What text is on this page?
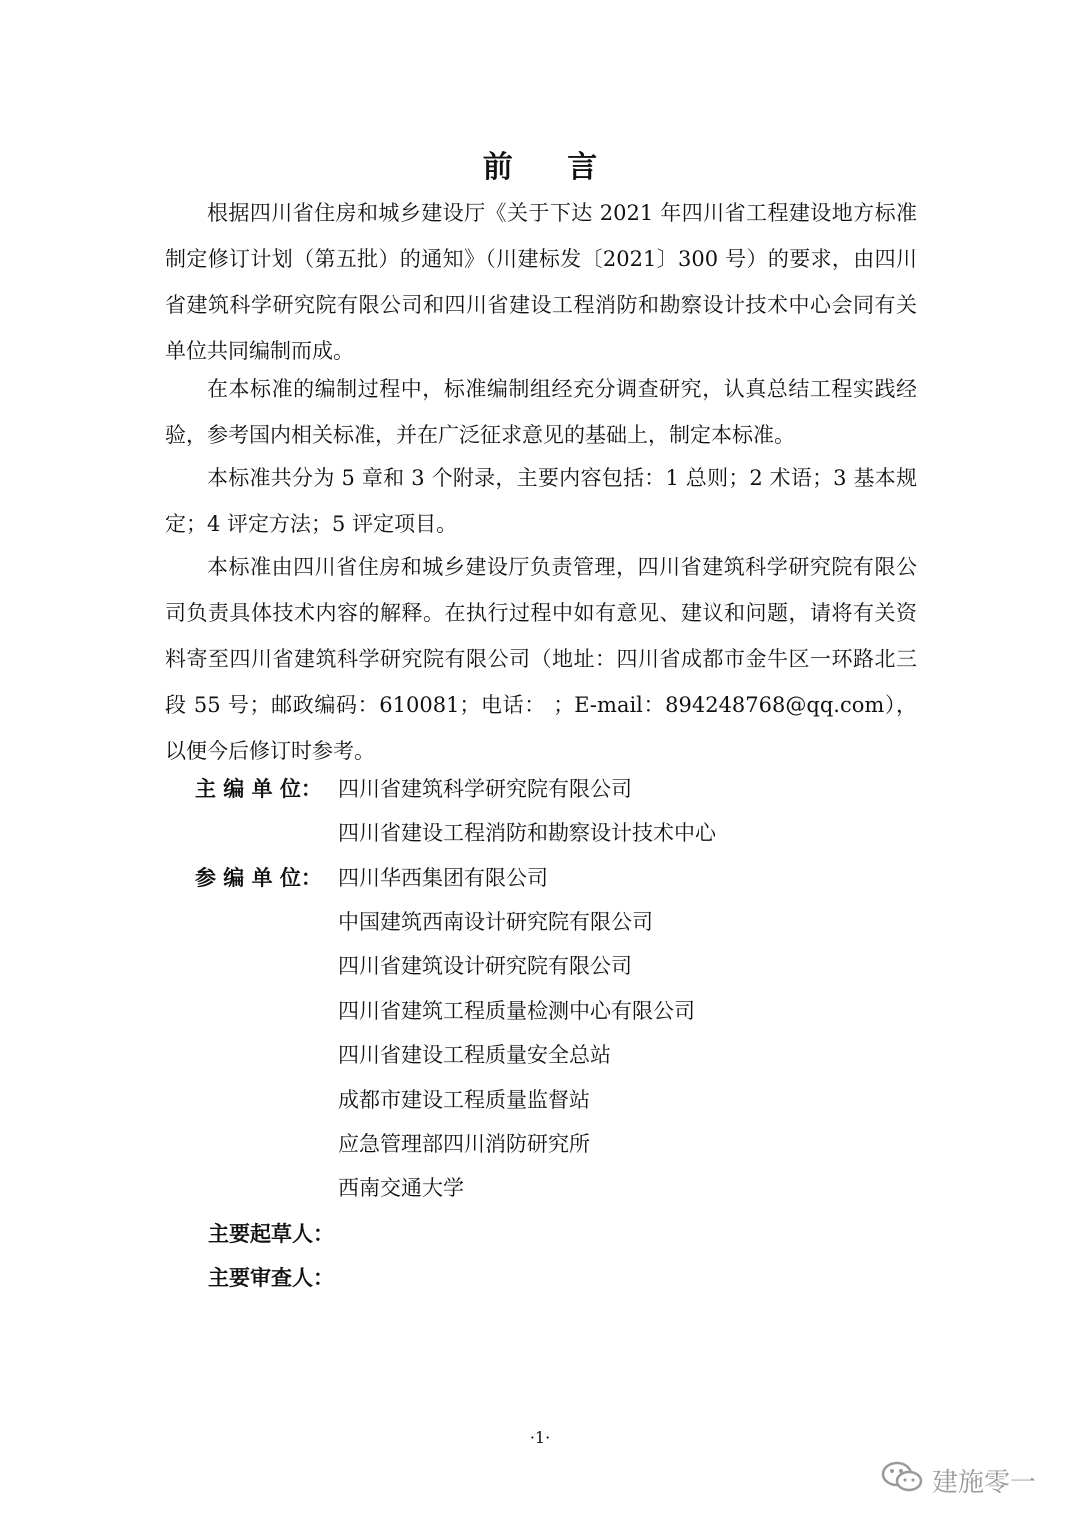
前 言

根据四川省住房和城乡建设厅《关于下达 2021 年四川省工程建设地方标准制定修订计划（第五批）的通知》（川建标发〔2021〕300 号）的要求，由四川省建筑科学研究院有限公司和四川省建设工程消防和勘察设计技术中心会同有关单位共同编制而成。

在本标准的编制过程中，标准编制组经充分调查研究，认真总结工程实践经验，参考国内相关标准，并在广泛征求意见的基础上，制定本标准。

本标准共分为 5 章和 3 个附录，主要内容包括：1 总则；2 术语；3 基本规定；4 评定方法；5 评定项目。

本标准由四川省住房和城乡建设厅负责管理，四川省建筑科学研究院有限公司负责具体技术内容的解释。在执行过程中如有意见、建议和问题，请将有关资料寄至四川省建筑科学研究院有限公司（地址：四川省成都市金牛区一环路北三段 55 号；邮政编码：610081；电话： ；E-mail：894248768@qq.com），以便今后修订时参考。

主 编 单 位： 四川省建筑科学研究院有限公司
四川省建设工程消防和勘察设计技术中心
参 编 单 位： 四川华西集团有限公司
中国建筑西南设计研究院有限公司
四川省建筑设计研究院有限公司
四川省建筑工程质量检测中心有限公司
四川省建设工程质量安全总站
成都市建设工程质量监督站
应急管理部四川消防研究所
西南交通大学
主要起草人：
主要审查人：
·1·
建施零一
